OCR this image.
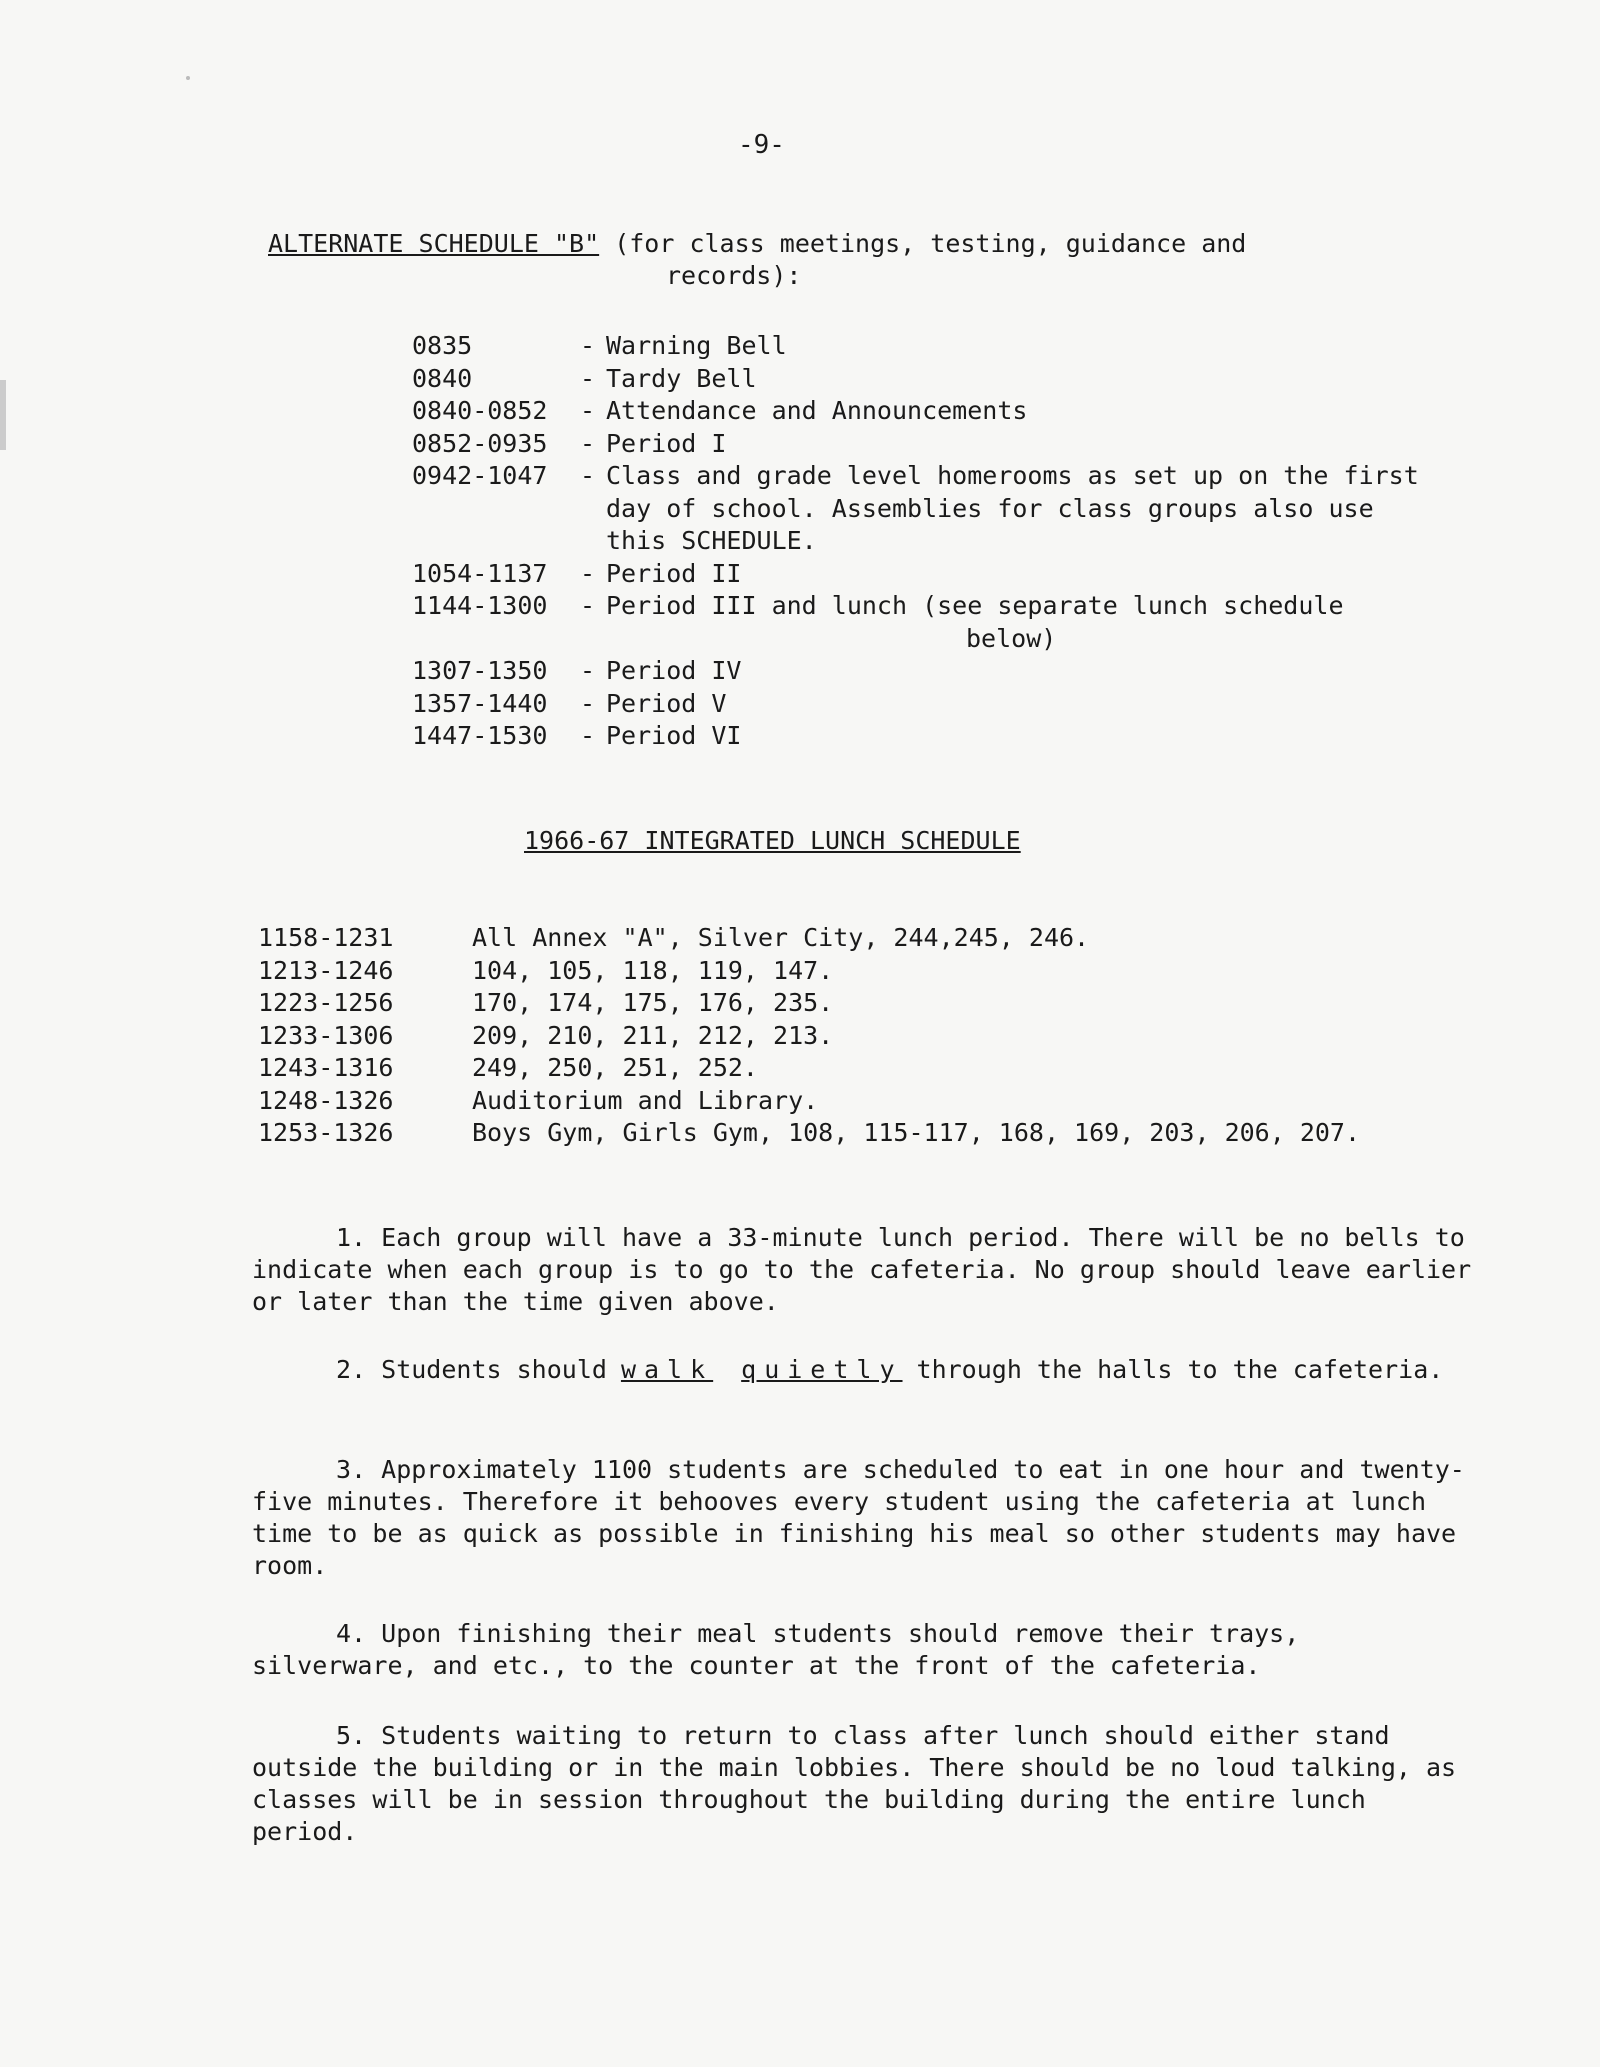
-9-
ALTERNATE SCHEDULE "B" (for class meetings, testing, guidance and
records):
0835	- Warning Bell
0840	- Tardy Bell
0840-0852	- Attendance and Announcements
0852-0935	- Period I
0942-1047	- Class and grade level homerooms as set up on the first day of school. Assemblies for class groups also use this SCHEDULE.
1054-1137	- Period II
1144-1300	- Period III and lunch (see separate lunch schedule
below)
1307-1350	- Period IV
1357-1440	- Period V
1447-1530	- Period VI
1966-67 INTEGRATED LUNCH SCHEDULE
1158-1231	All Annex "A", Silver City, 244,245, 246.
1213-1246	104, 105, 118, 119, 147.
1223-1256	170, 174, 175, 176, 235.
1233-1306	209, 210, 211, 212, 213.
1243-1316	249, 250, 251, 252.
1248-1326	Auditorium and Library.
1253-1326	Boys Gym, Girls Gym, 108, 115-117, 168, 169, 203, 206, 207.
1. Each group will have a 33-minute lunch period. There will be no bells to indicate when each group is to go to the cafeteria. No group should leave earlier or later than the time given above.
2. Students should walk quietly through the halls to the cafeteria.
3. Approximately 1100 students are scheduled to eat in one hour and twenty-five minutes. Therefore it behooves every student using the cafeteria at lunch time to be as quick as possible in finishing his meal so other students may have room.
4. Upon finishing their meal students should remove their trays, silverware, and etc., to the counter at the front of the cafeteria.
5. Students waiting to return to class after lunch should either stand outside the building or in the main lobbies. There should be no loud talking, as classes will be in session throughout the building during the entire lunch period.
